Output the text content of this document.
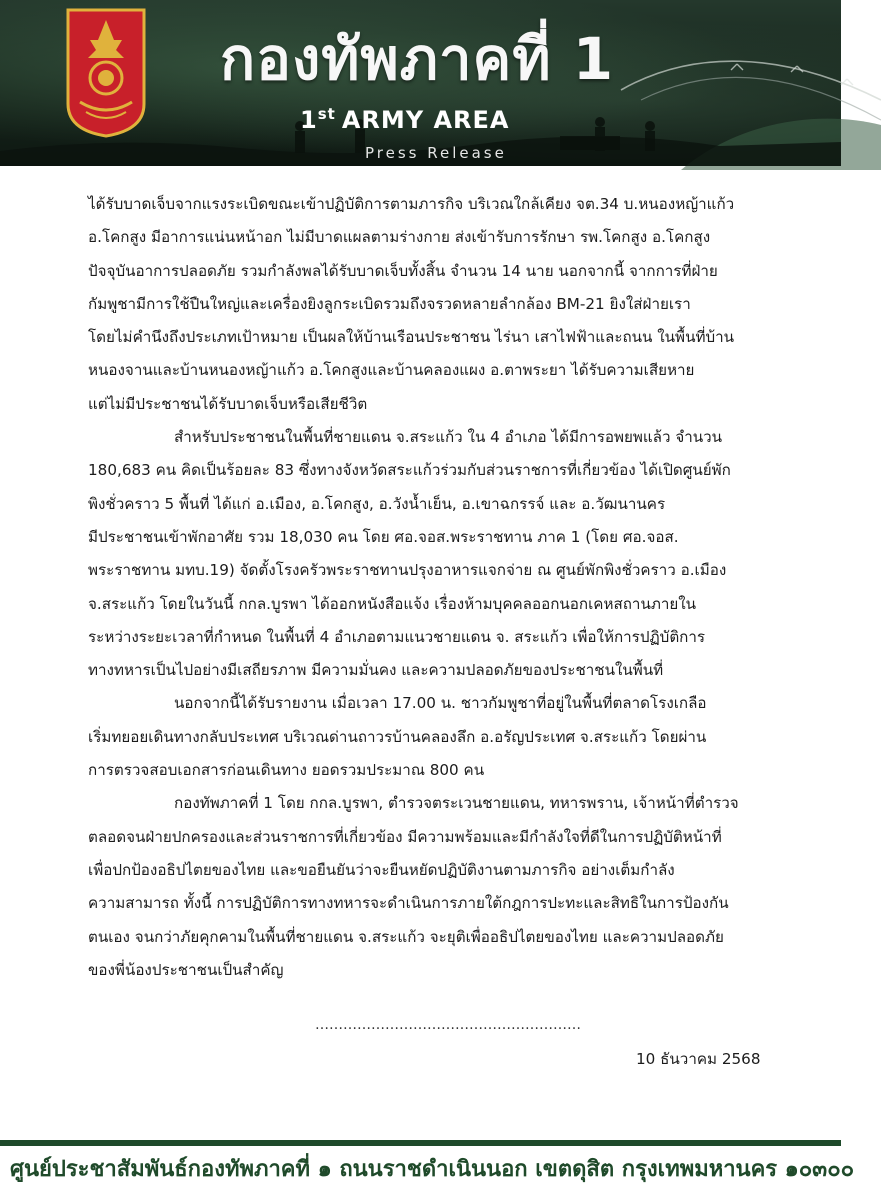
กองทัพภาคที่ 1
1st ARMY AREA
Press Release
ได้รับบาดเจ็บจากแรงระเบิดขณะเข้าปฏิบัติการตามภารกิจ บริเวณใกล้เคียง จต.34 บ.หนองหญ้าแก้ว
อ.โคกสูง มีอาการแน่นหน้าอก ไม่มีบาดแผลตามร่างกาย ส่งเข้ารับการรักษา รพ.โคกสูง อ.โคกสูง
ปัจจุบันอาการปลอดภัย รวมกำลังพลได้รับบาดเจ็บทั้งสิ้น จำนวน 14 นาย นอกจากนี้ จากการที่ฝ่าย
กัมพูชามีการใช้ปืนใหญ่และเครื่องยิงลูกระเบิดรวมถึงจรวดหลายลำกล้อง BM-21 ยิงใส่ฝ่ายเรา
โดยไม่คำนึงถึงประเภทเป้าหมาย เป็นผลให้บ้านเรือนประชาชน ไร่นา เสาไฟฟ้าและถนน ในพื้นที่บ้าน
หนองจานและบ้านหนองหญ้าแก้ว อ.โคกสูงและบ้านคลองแผง อ.ตาพระยา ได้รับความเสียหาย
แต่ไม่มีประชาชนได้รับบาดเจ็บหรือเสียชีวิต
สำหรับประชาชนในพื้นที่ชายแดน จ.สระแก้ว ใน 4 อำเภอ ได้มีการอพยพแล้ว จำนวน
180,683 คน คิดเป็นร้อยละ 83 ซึ่งทางจังหวัดสระแก้วร่วมกับส่วนราชการที่เกี่ยวข้อง ได้เปิดศูนย์พัก
พิงชั่วคราว 5 พื้นที่ ได้แก่ อ.เมือง, อ.โคกสูง, อ.วังน้ำเย็น, อ.เขาฉกรรจ์ และ อ.วัฒนานคร
มีประชาชนเข้าพักอาศัย รวม 18,030 คน โดย ศอ.จอส.พระราชทาน ภาค 1 (โดย ศอ.จอส.
พระราชทาน มทบ.19) จัดตั้งโรงครัวพระราชทานปรุงอาหารแจกจ่าย ณ ศูนย์พักพิงชั่วคราว อ.เมือง
จ.สระแก้ว โดยในวันนี้ กกล.บูรพา ได้ออกหนังสือแจ้ง เรื่องห้ามบุคคลออกนอกเคหสถานภายใน
ระหว่างระยะเวลาที่กำหนด ในพื้นที่ 4 อำเภอตามแนวชายแดน จ. สระแก้ว เพื่อให้การปฏิบัติการ
ทางทหารเป็นไปอย่างมีเสถียรภาพ มีความมั่นคง และความปลอดภัยของประชาชนในพื้นที่
นอกจากนี้ได้รับรายงาน เมื่อเวลา 17.00 น. ชาวกัมพูชาที่อยู่ในพื้นที่ตลาดโรงเกลือ
เริ่มทยอยเดินทางกลับประเทศ บริเวณด่านถาวรบ้านคลองลึก อ.อรัญประเทศ จ.สระแก้ว โดยผ่าน
การตรวจสอบเอกสารก่อนเดินทาง ยอดรวมประมาณ 800 คน
กองทัพภาคที่ 1 โดย กกล.บูรพา, ตำรวจตระเวนชายแดน, ทหารพราน, เจ้าหน้าที่ตำรวจ
ตลอดจนฝ่ายปกครองและส่วนราชการที่เกี่ยวข้อง มีความพร้อมและมีกำลังใจที่ดีในการปฏิบัติหน้าที่
เพื่อปกป้องอธิปไตยของไทย และขอยืนยันว่าจะยืนหยัดปฏิบัติงานตามภารกิจ อย่างเต็มกำลัง
ความสามารถ ทั้งนี้ การปฏิบัติการทางทหารจะดำเนินการภายใต้กฎการปะทะและสิทธิในการป้องกัน
ตนเอง จนกว่าภัยคุกคามในพื้นที่ชายแดน จ.สระแก้ว จะยุติเพื่ออธิปไตยของไทย และความปลอดภัย
ของพี่น้องประชาชนเป็นสำคัญ
…………………………………………………
10 ธันวาคม 2568
ศูนย์ประชาสัมพันธ์กองทัพภาคที่ ๑ ถนนราชดำเนินนอก เขตดุสิต กรุงเทพมหานคร ๑๐๓๐๐
